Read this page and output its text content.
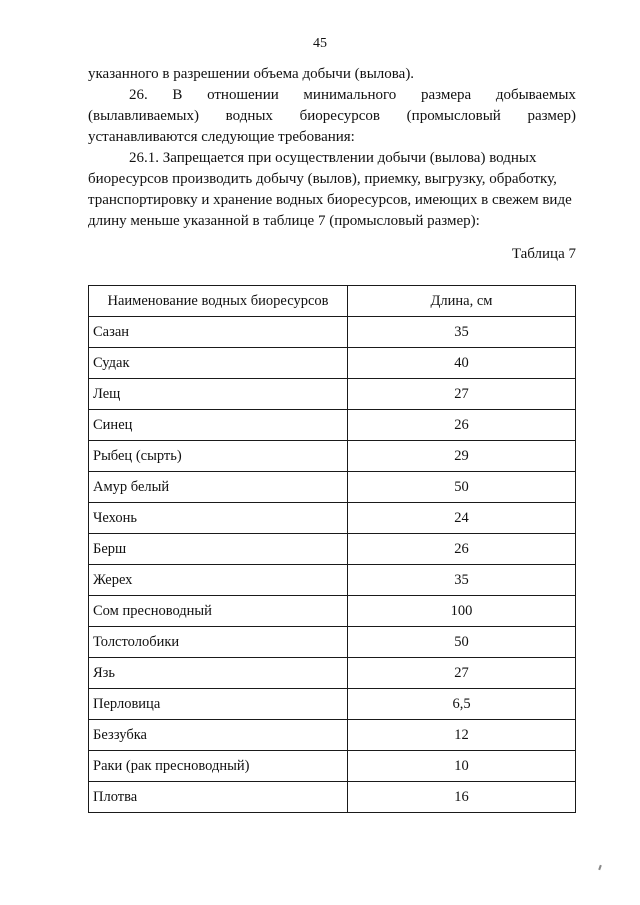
45
указанного в разрешении объема добычи (вылова).
26. В отношении минимального размера добываемых
(вылавливаемых) водных биоресурсов (промысловый размер)
устанавливаются следующие требования:
26.1. Запрещается при осуществлении добычи (вылова) водных
биоресурсов производить добычу (вылов), приемку, выгрузку, обработку,
транспортировку и хранение водных биоресурсов, имеющих в свежем виде
длину меньше указанной в таблице 7 (промысловый размер):
Таблица 7
Наименование водных биоресурсов	Длина, см
Сазан	35
Судак	40
Лещ	27
Синец	26
Рыбец (сырть)	29
Амур белый	50
Чехонь	24
Берш	26
Жерех	35
Сом пресноводный	100
Толстолобики	50
Язь	27
Перловица	6,5
Беззубка	12
Раки (рак пресноводный)	10
Плотва	16
